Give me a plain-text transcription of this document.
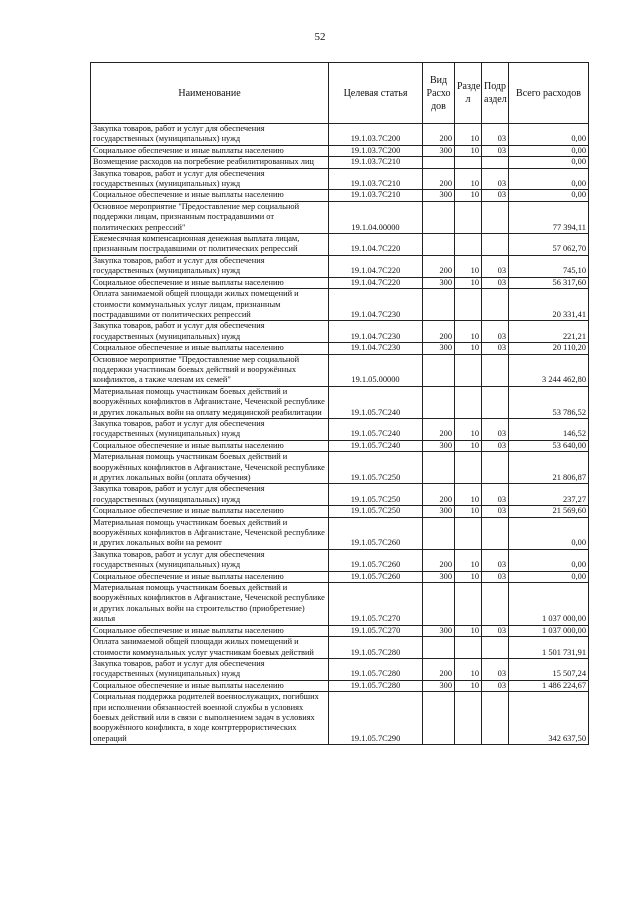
52
Наименование	Целевая статья	Вид Расхо дов	Разде л	Подр аздел	Всего расходов
Закупка товаров, работ и услуг для обеспечения государственных (муниципальных) нужд	19.1.03.7С200	200	10	03	0,00
Социальное обеспечение и иные выплаты населению	19.1.03.7С200	300	10	03	0,00
Возмещение расходов на погребение реабилитированных лиц	19.1.03.7С210				0,00
Закупка товаров, работ и услуг для обеспечения государственных (муниципальных) нужд	19.1.03.7С210	200	10	03	0,00
Социальное обеспечение и иные выплаты населению	19.1.03.7С210	300	10	03	0,00
Основное мероприятие "Предоставление мер социальной поддержки лицам, признанным пострадавшими от политических репрессий"	19.1.04.00000				77 394,11
Ежемесячная компенсационная денежная выплата лицам, признанным пострадавшими от политических репрессий	19.1.04.7С220				57 062,70
Закупка товаров, работ и услуг для обеспечения государственных (муниципальных) нужд	19.1.04.7С220	200	10	03	745,10
Социальное обеспечение и иные выплаты населению	19.1.04.7С220	300	10	03	56 317,60
Оплата занимаемой общей площади жилых помещений и стоимости коммунальных услуг лицам, признанным пострадавшими от политических репрессий	19.1.04.7С230				20 331,41
Закупка товаров, работ и услуг для обеспечения государственных (муниципальных) нужд	19.1.04.7С230	200	10	03	221,21
Социальное обеспечение и иные выплаты населению	19.1.04.7С230	300	10	03	20 110,20
Основное мероприятие "Предоставление мер социальной поддержки участникам боевых действий и вооружённых конфликтов, а также членам их семей"	19.1.05.00000				3 244 462,80
Материальная помощь участникам боевых действий и вооружённых конфликтов в Афганистане, Чеченской республике и других локальных войн на оплату медицинской реабилитации	19.1.05.7С240				53 786,52
Закупка товаров, работ и услуг для обеспечения государственных (муниципальных) нужд	19.1.05.7С240	200	10	03	146,52
Социальное обеспечение и иные выплаты населению	19.1.05.7С240	300	10	03	53 640,00
Материальная помощь участникам боевых действий и вооружённых конфликтов в Афганистане, Чеченской республике и других локальных войн (оплата обучения)	19.1.05.7С250				21 806,87
Закупка товаров, работ и услуг для обеспечения государственных (муниципальных) нужд	19.1.05.7С250	200	10	03	237,27
Социальное обеспечение и иные выплаты населению	19.1.05.7С250	300	10	03	21 569,60
Материальная помощь участникам боевых действий и вооружённых конфликтов в Афганистане, Чеченской республике и других локальных войн на ремонт	19.1.05.7С260				0,00
Закупка товаров, работ и услуг для обеспечения государственных (муниципальных) нужд	19.1.05.7С260	200	10	03	0,00
Социальное обеспечение и иные выплаты населению	19.1.05.7С260	300	10	03	0,00
Материальная помощь участникам боевых действий и вооружённых конфликтов в Афганистане, Чеченской республике и других локальных войн на строительство (приобретение) жилья	19.1.05.7С270				1 037 000,00
Социальное обеспечение и иные выплаты населению	19.1.05.7С270	300	10	03	1 037 000,00
Оплата занимаемой общей площади жилых помещений и стоимости коммунальных услуг участникам боевых действий	19.1.05.7С280				1 501 731,91
Закупка товаров, работ и услуг для обеспечения государственных (муниципальных) нужд	19.1.05.7С280	200	10	03	15 507,24
Социальное обеспечение и иные выплаты населению	19.1.05.7С280	300	10	03	1 486 224,67
Социальная поддержка родителей военнослужащих, погибших при исполнении обязанностей военной службы в условиях боевых действий или в связи с выполнением задач в условиях вооружённого конфликта, в ходе контртеррористических операций	19.1.05.7С290				342 637,50
